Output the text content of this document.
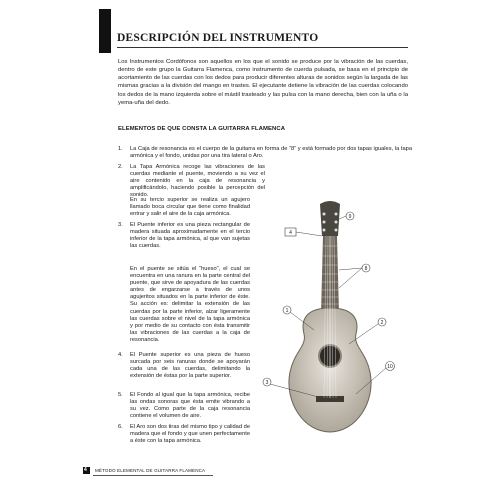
DESCRIPCIÓN DEL INSTRUMENTO
Los Instrumentos Cordófonos son aquellos en los que el sonido se produce por la vibración de las cuerdas, dentro de este grupo la Guitarra Flamenca, como instrumento de cuerda pulsada, se basa en el principio de acortamiento de las cuerdas con los dedos para producir diferentes alturas de sonidos según la largada de las mismas gracias a la división del mango en trastes. El ejecutante detiene la vibración de las cuerdas colocando los dedos de la mano izquierda sobre el mástil trasteado y las pulsa con la mano derecha, bien con la uña o la yema-uña del dedo.
ELEMENTOS DE QUE CONSTA LA GUITARRA FLAMENCA
1. La Caja de resonancia es el cuerpo de la guitarra en forma de “8” y está formado por dos tapas iguales, la tapa armónica y el fondo, unidas por una tira lateral o Aro.
2. La Tapa Armónica recoge las vibraciones de las cuerdas mediante el puente, moviendo a su vez el aire contenido en la caja de resonancia y amplificándolo, haciendo posible la percepción del sonido.
En su tercio superior se realiza un agujero llamado boca circular que tiene como finalidad entrar y salir el aire de la caja armónica.
3. El Puente inferior es una pieza rectangular de madera situada aproximadamente en el tercio inferior de la tapa armónica, al que van sujetas las cuerdas.
En el puente se sitúa el “hueso”, el cual se encuentra en una ranura en la parte central del puente, que sirve de apoyadura de las cuerdas antes de engarzarse a través de unos agujeritos situados en la parte inferior de éste. Su acción es: delimitar la extensión de las cuerdas por la parte inferior, alzar ligeramente las cuerdas sobre el nivel de la tapa armónica y por medio de su contacto con ésta transmitir las vibraciones de las cuerdas a la caja de resonancia.
4. El Puente superior es una pieza de hueso surcada por seis ranuras donde se apoyarán cada una de las cuerdas, delimitando la extensión de éstas por la parte superior.
5. El Fondo al igual que la tapa armónica, recibe las ondas sonoras que ésta emite vibrando a su vez. Como parte de la caja resonancia contiene el volumen de aire.
6. El Aro son dos tiras del mismo tipo y calidad de madera que el fondo y que unen perfectamente a éste con la tapa armónica.
9
4
8
1
2
3
10
4 MÉTODO ELEMENTAL DE GUITARRA FLAMENCA
